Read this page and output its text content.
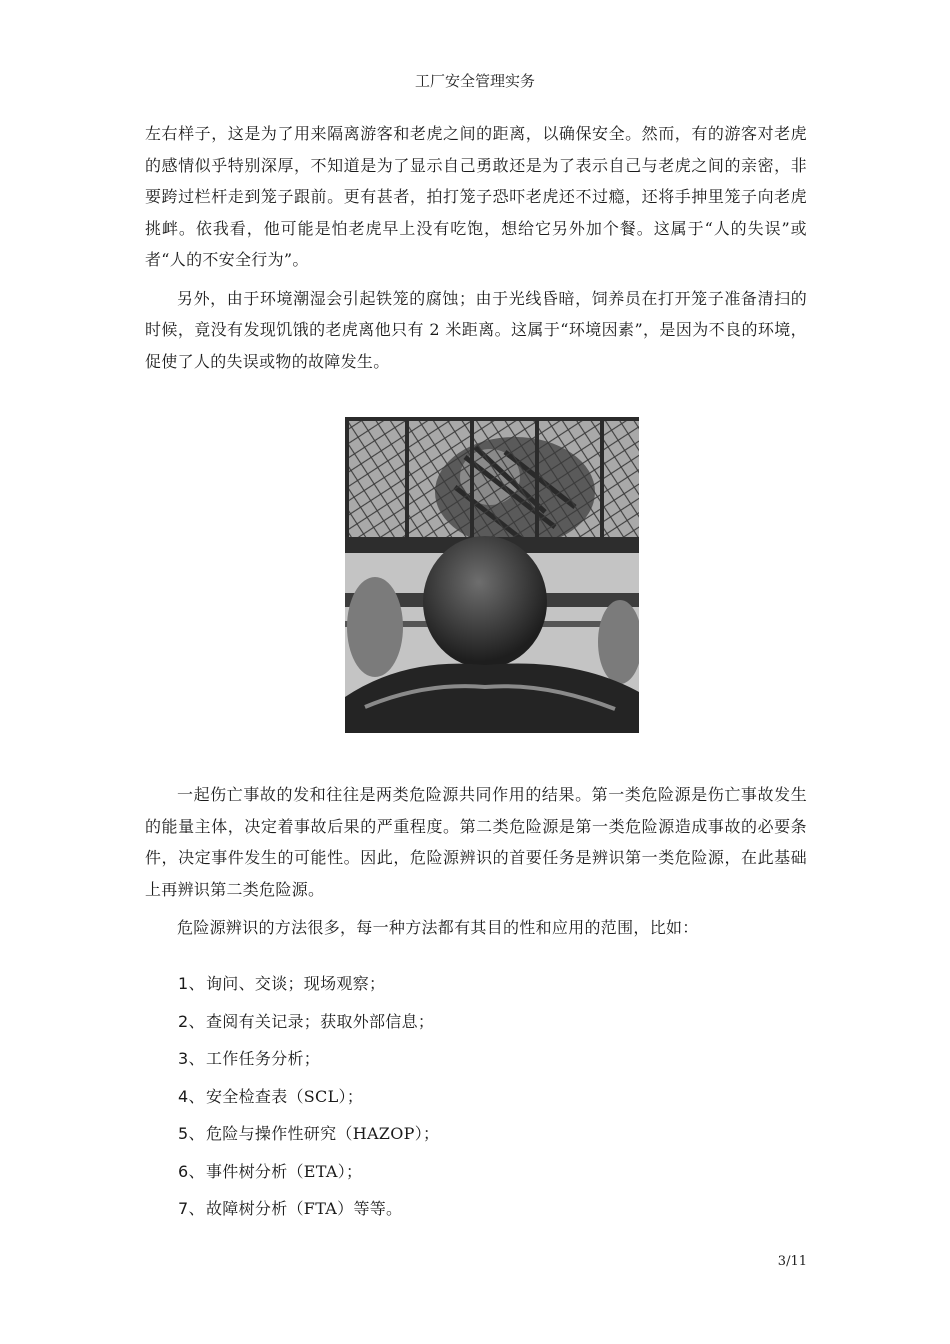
工厂安全管理实务

左右样子，这是为了用来隔离游客和老虎之间的距离，以确保安全。然而，有的游客对老虎的感情似乎特别深厚，不知道是为了显示自己勇敢还是为了表示自己与老虎之间的亲密，非要跨过栏杆走到笼子跟前。更有甚者，拍打笼子恐吓老虎还不过瘾，还将手抻里笼子向老虎挑衅。依我看，他可能是怕老虎早上没有吃饱，想给它另外加个餐。这属于“人的失误”或者“人的不安全行为”。

另外，由于环境潮湿会引起铁笼的腐蚀；由于光线昏暗，饲养员在打开笼子准备清扫的时候，竟没有发现饥饿的老虎离他只有 2 米距离。这属于“环境因素”，是因为不良的环境，促使了人的失误或物的故障发生。

一起伤亡事故的发和往往是两类危险源共同作用的结果。第一类危险源是伤亡事故发生的能量主体，决定着事故后果的严重程度。第二类危险源是第一类危险源造成事故的必要条件，决定事件发生的可能性。因此，危险源辨识的首要任务是辨识第一类危险源，在此基础上再辨识第二类危险源。

危险源辨识的方法很多，每一种方法都有其目的性和应用的范围，比如：

1、询问、交谈；现场观察；
2、查阅有关记录；获取外部信息；
3、工作任务分析；
4、安全检查表（SCL）；
5、危险与操作性研究（HAZOP）；
6、事件树分析（ETA）；
7、故障树分析（FTA）等等。
3/11
